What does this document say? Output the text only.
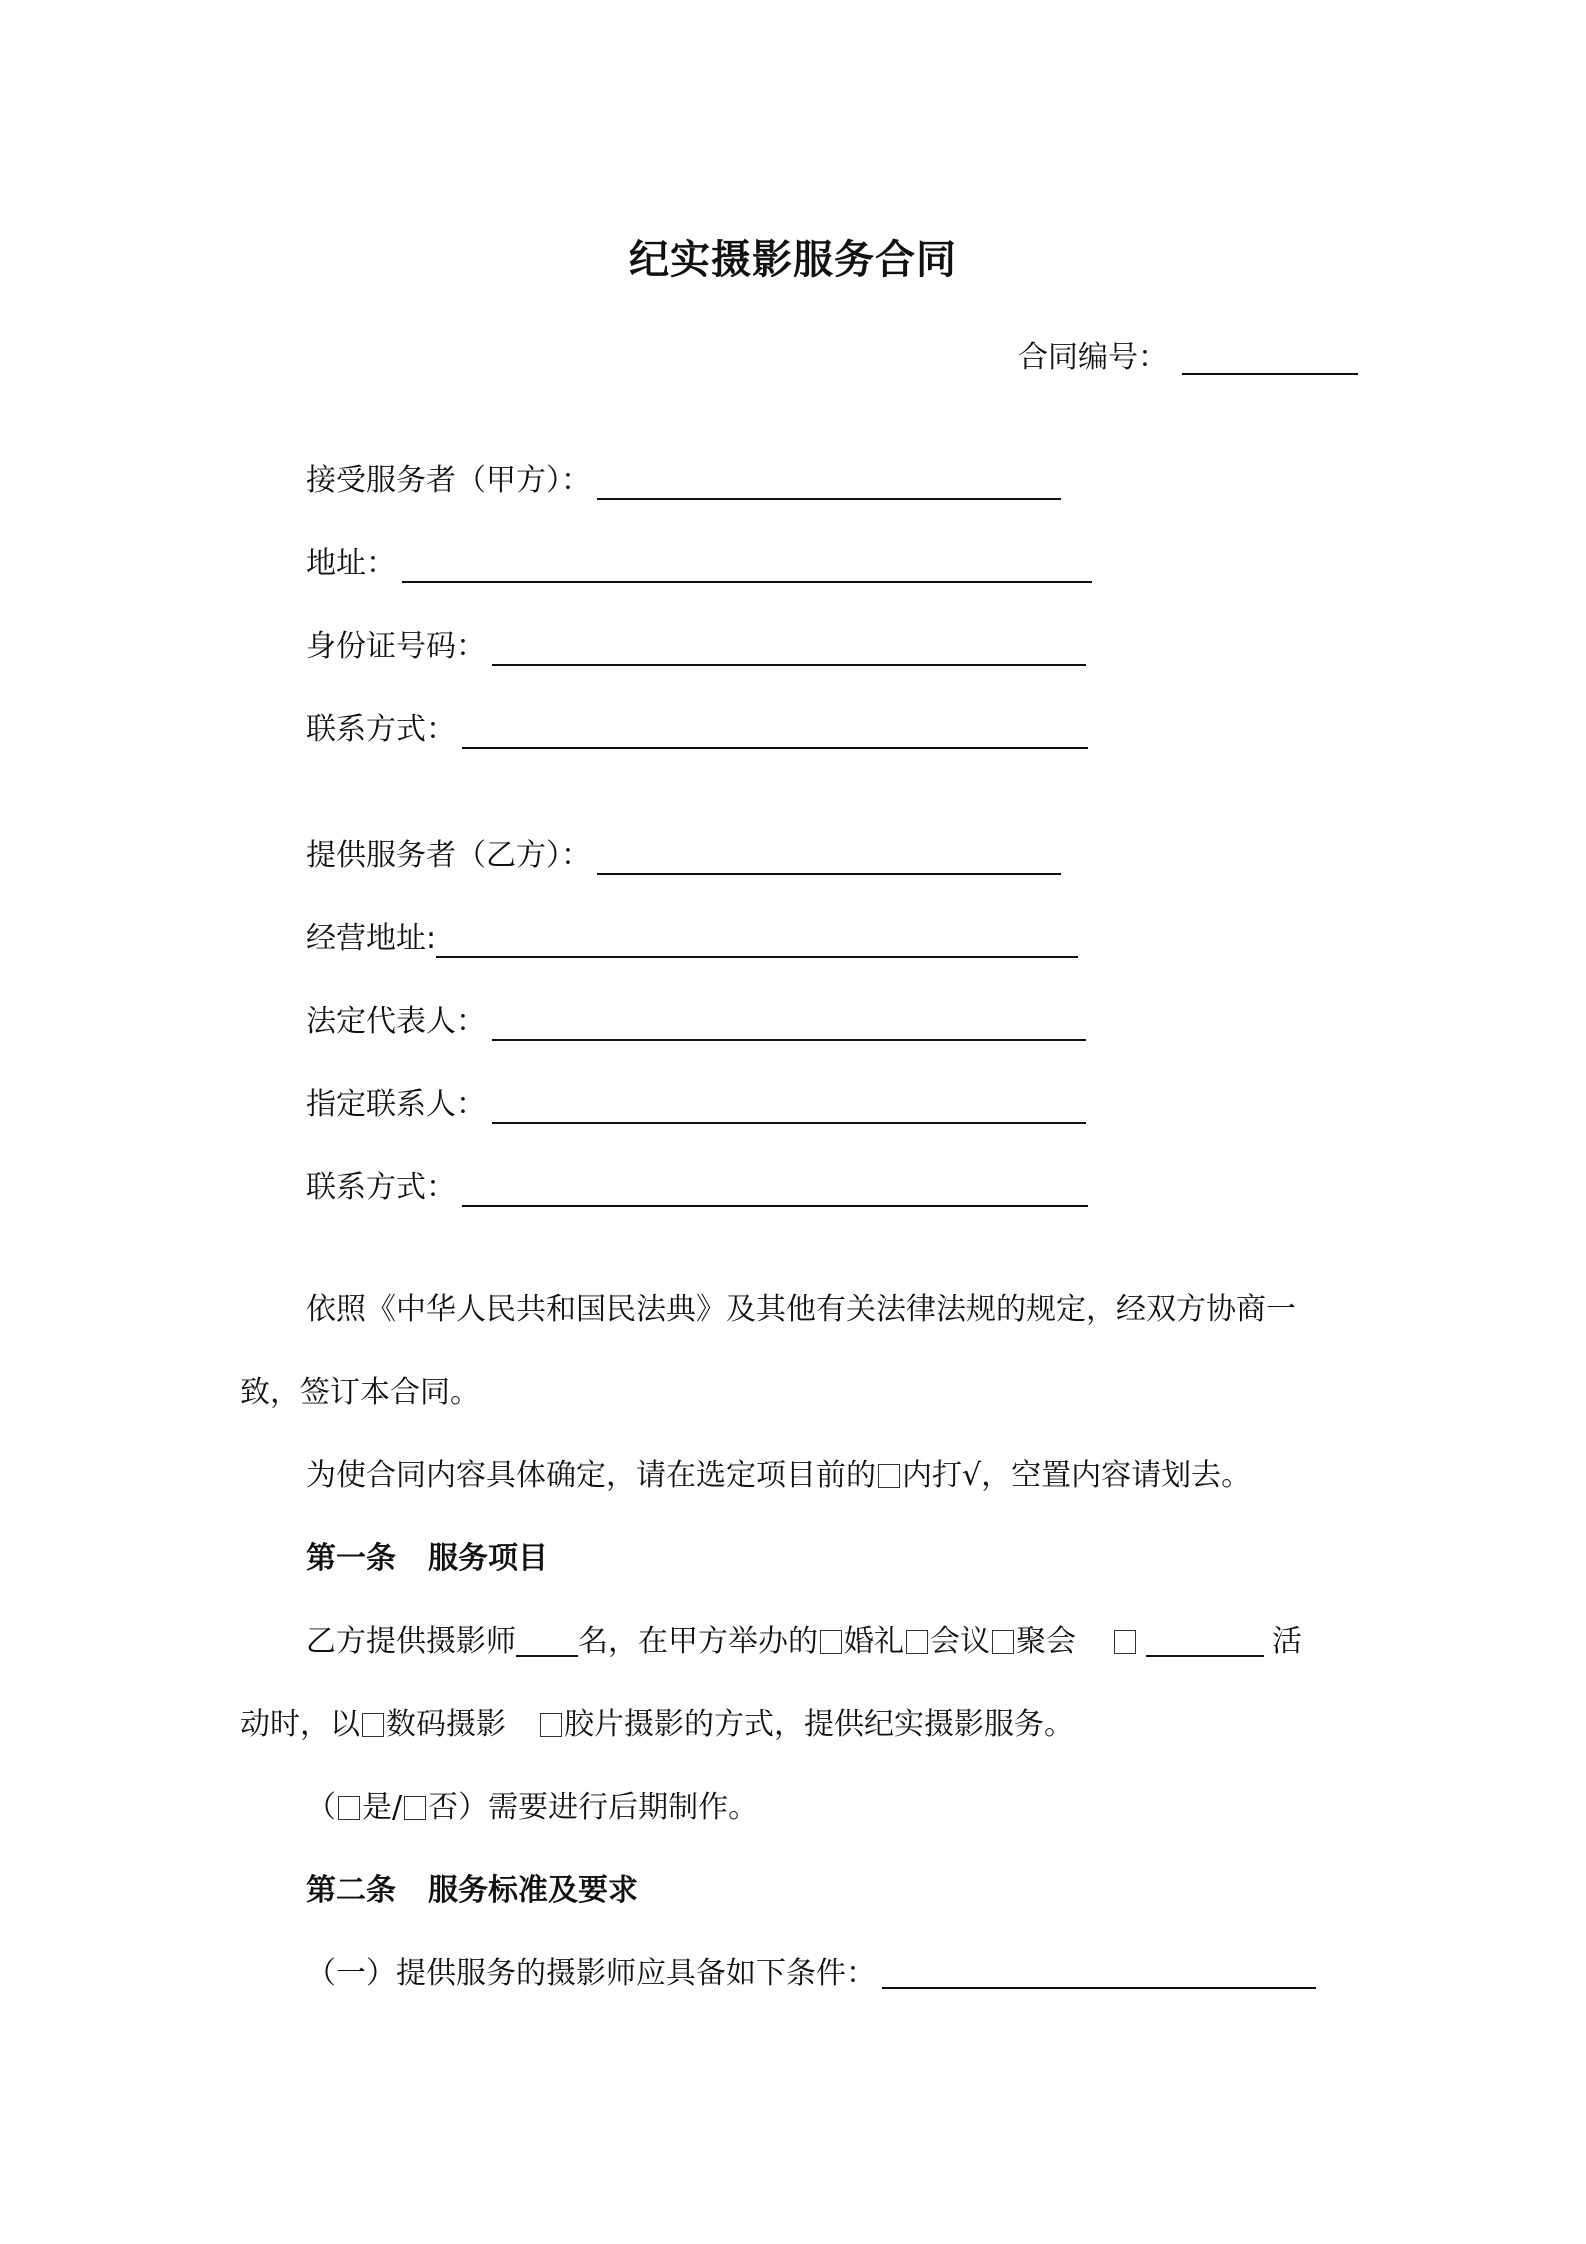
纪实摄影服务合同
合同编号：
接受服务者（甲方）：
地址：
身份证号码：
联系方式：
提供服务者（乙方）：
经营地址:
法定代表人：
指定联系人：
联系方式：
依照《中华人民共和国民法典》及其他有关法律法规的规定，经双方协商一
致，签订本合同。
为使合同内容具体确定，请在选定项目前的 内打√，空置内容请划去。
第一条 服务项目
乙方提供摄影师 名，在甲方举办的 婚礼 会议 聚会	活
动时，以 数码摄影 胶片摄影的方式，提供纪实摄影服务。
（ 是/ 否）需要进行后期制作。
第二条 服务标准及要求
（一）提供服务的摄影师应具备如下条件：
